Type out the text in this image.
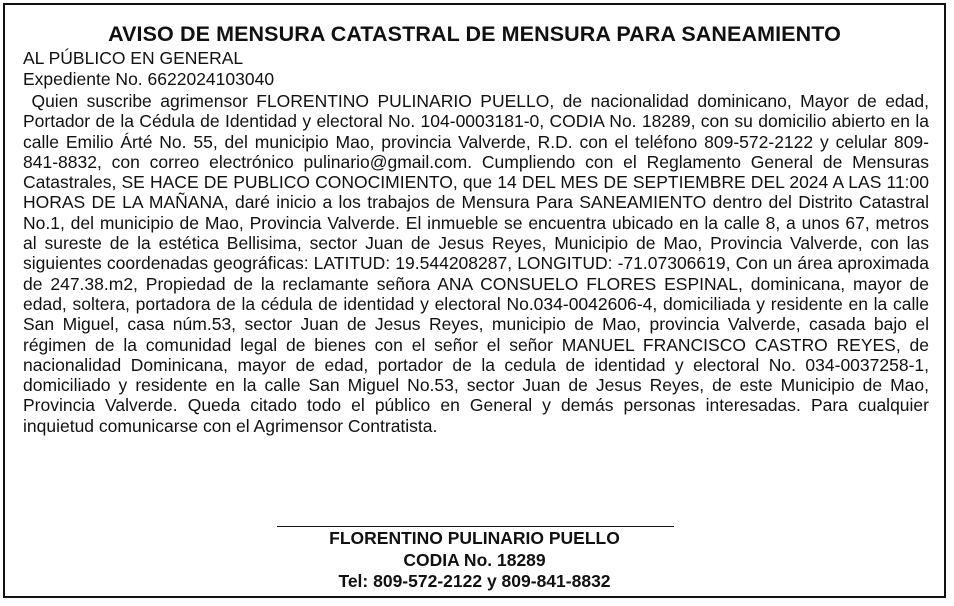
AVISO DE MENSURA CATASTRAL DE MENSURA PARA SANEAMIENTO

AL PÚBLICO EN GENERAL

Expediente No. 6622024103040

Quien suscribe agrimensor FLORENTINO PULINARIO PUELLO, de nacionalidad dominicano, Mayor de edad, Portador de la Cédula de Identidad y electoral No. 104-0003181-0, CODIA No. 18289, con su domicilio abierto en la calle Emilio Árté No. 55, del municipio Mao, provincia Valverde, R.D. con el teléfono 809-572-2122 y celular 809-841-8832, con correo electrónico pulinario@gmail.com. Cumpliendo con el Reglamento General de Mensuras Catastrales, SE HACE DE PUBLICO CONOCIMIENTO, que 14 DEL MES DE SEPTIEMBRE DEL 2024 A LAS 11:00 HORAS DE LA MAÑANA, daré inicio a los trabajos de Mensura Para SANEAMIENTO dentro del Distrito Catastral No.1, del municipio de Mao, Provincia Valverde. El inmueble se encuentra ubicado en la calle 8, a unos 67, metros al sureste de la estética Bellisima, sector Juan de Jesus Reyes, Municipio de Mao, Provincia Valverde, con las siguientes coordenadas geográficas: LATITUD: 19.544208287, LONGITUD: -71.07306619, Con un área aproximada de 247.38.m2, Propiedad de la reclamante señora ANA CONSUELO FLORES ESPINAL, dominicana, mayor de edad, soltera, portadora de la cédula de identidad y electoral No.034-0042606-4, domiciliada y residente en la calle San Miguel, casa núm.53, sector Juan de Jesus Reyes, municipio de Mao, provincia Valverde, casada bajo el régimen de la comunidad legal de bienes con el señor el señor MANUEL FRANCISCO CASTRO REYES, de nacionalidad Dominicana, mayor de edad, portador de la cedula de identidad y electoral No. 034-0037258-1, domiciliado y residente en la calle San Miguel No.53, sector Juan de Jesus Reyes, de este Municipio de Mao, Provincia Valverde. Queda citado todo el público en General y demás personas interesadas. Para cualquier inquietud comunicarse con el Agrimensor Contratista.

FLORENTINO PULINARIO PUELLO
CODIA No. 18289
Tel: 809-572-2122 y 809-841-8832
